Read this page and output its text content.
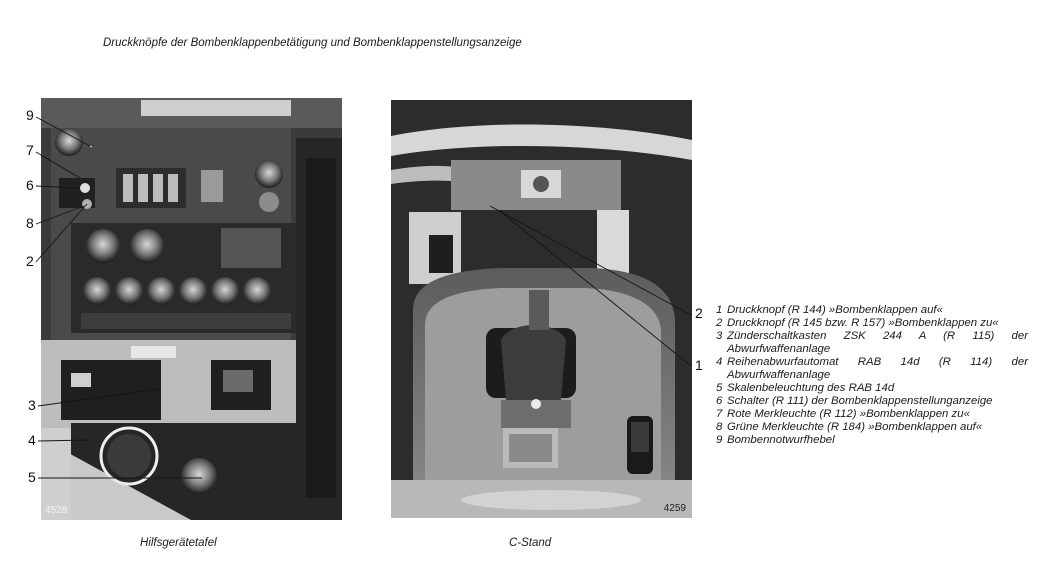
Druckknöpfe der Bombenklappenbetätigung und Bombenklappenstellungsanzeige
4528	4259
9
7
6
8
2
3
4
5
2
1
Hilfsgerätetafel	C-Stand
1 Druckknopf (R 144) »Bombenklappen auf«
2 Druckknopf (R 145 bzw. R 157) »Bombenklappen zu«
3 Zünderschaltkasten ZSK 244 A (R 115) der Abwurfwaffenanlage
4 Reihenabwurfautomat RAB 14d (R 114) der Abwurfwaffenanlage
5 Skalenbeleuchtung des RAB 14d
6 Schalter (R 111) der Bombenklappenstellunganzeige
7 Rote Merkleuchte (R 112) »Bombenklappen zu«
8 Grüne Merkleuchte (R 184) »Bombenklappen auf«
9 Bombennotwurfhebel
